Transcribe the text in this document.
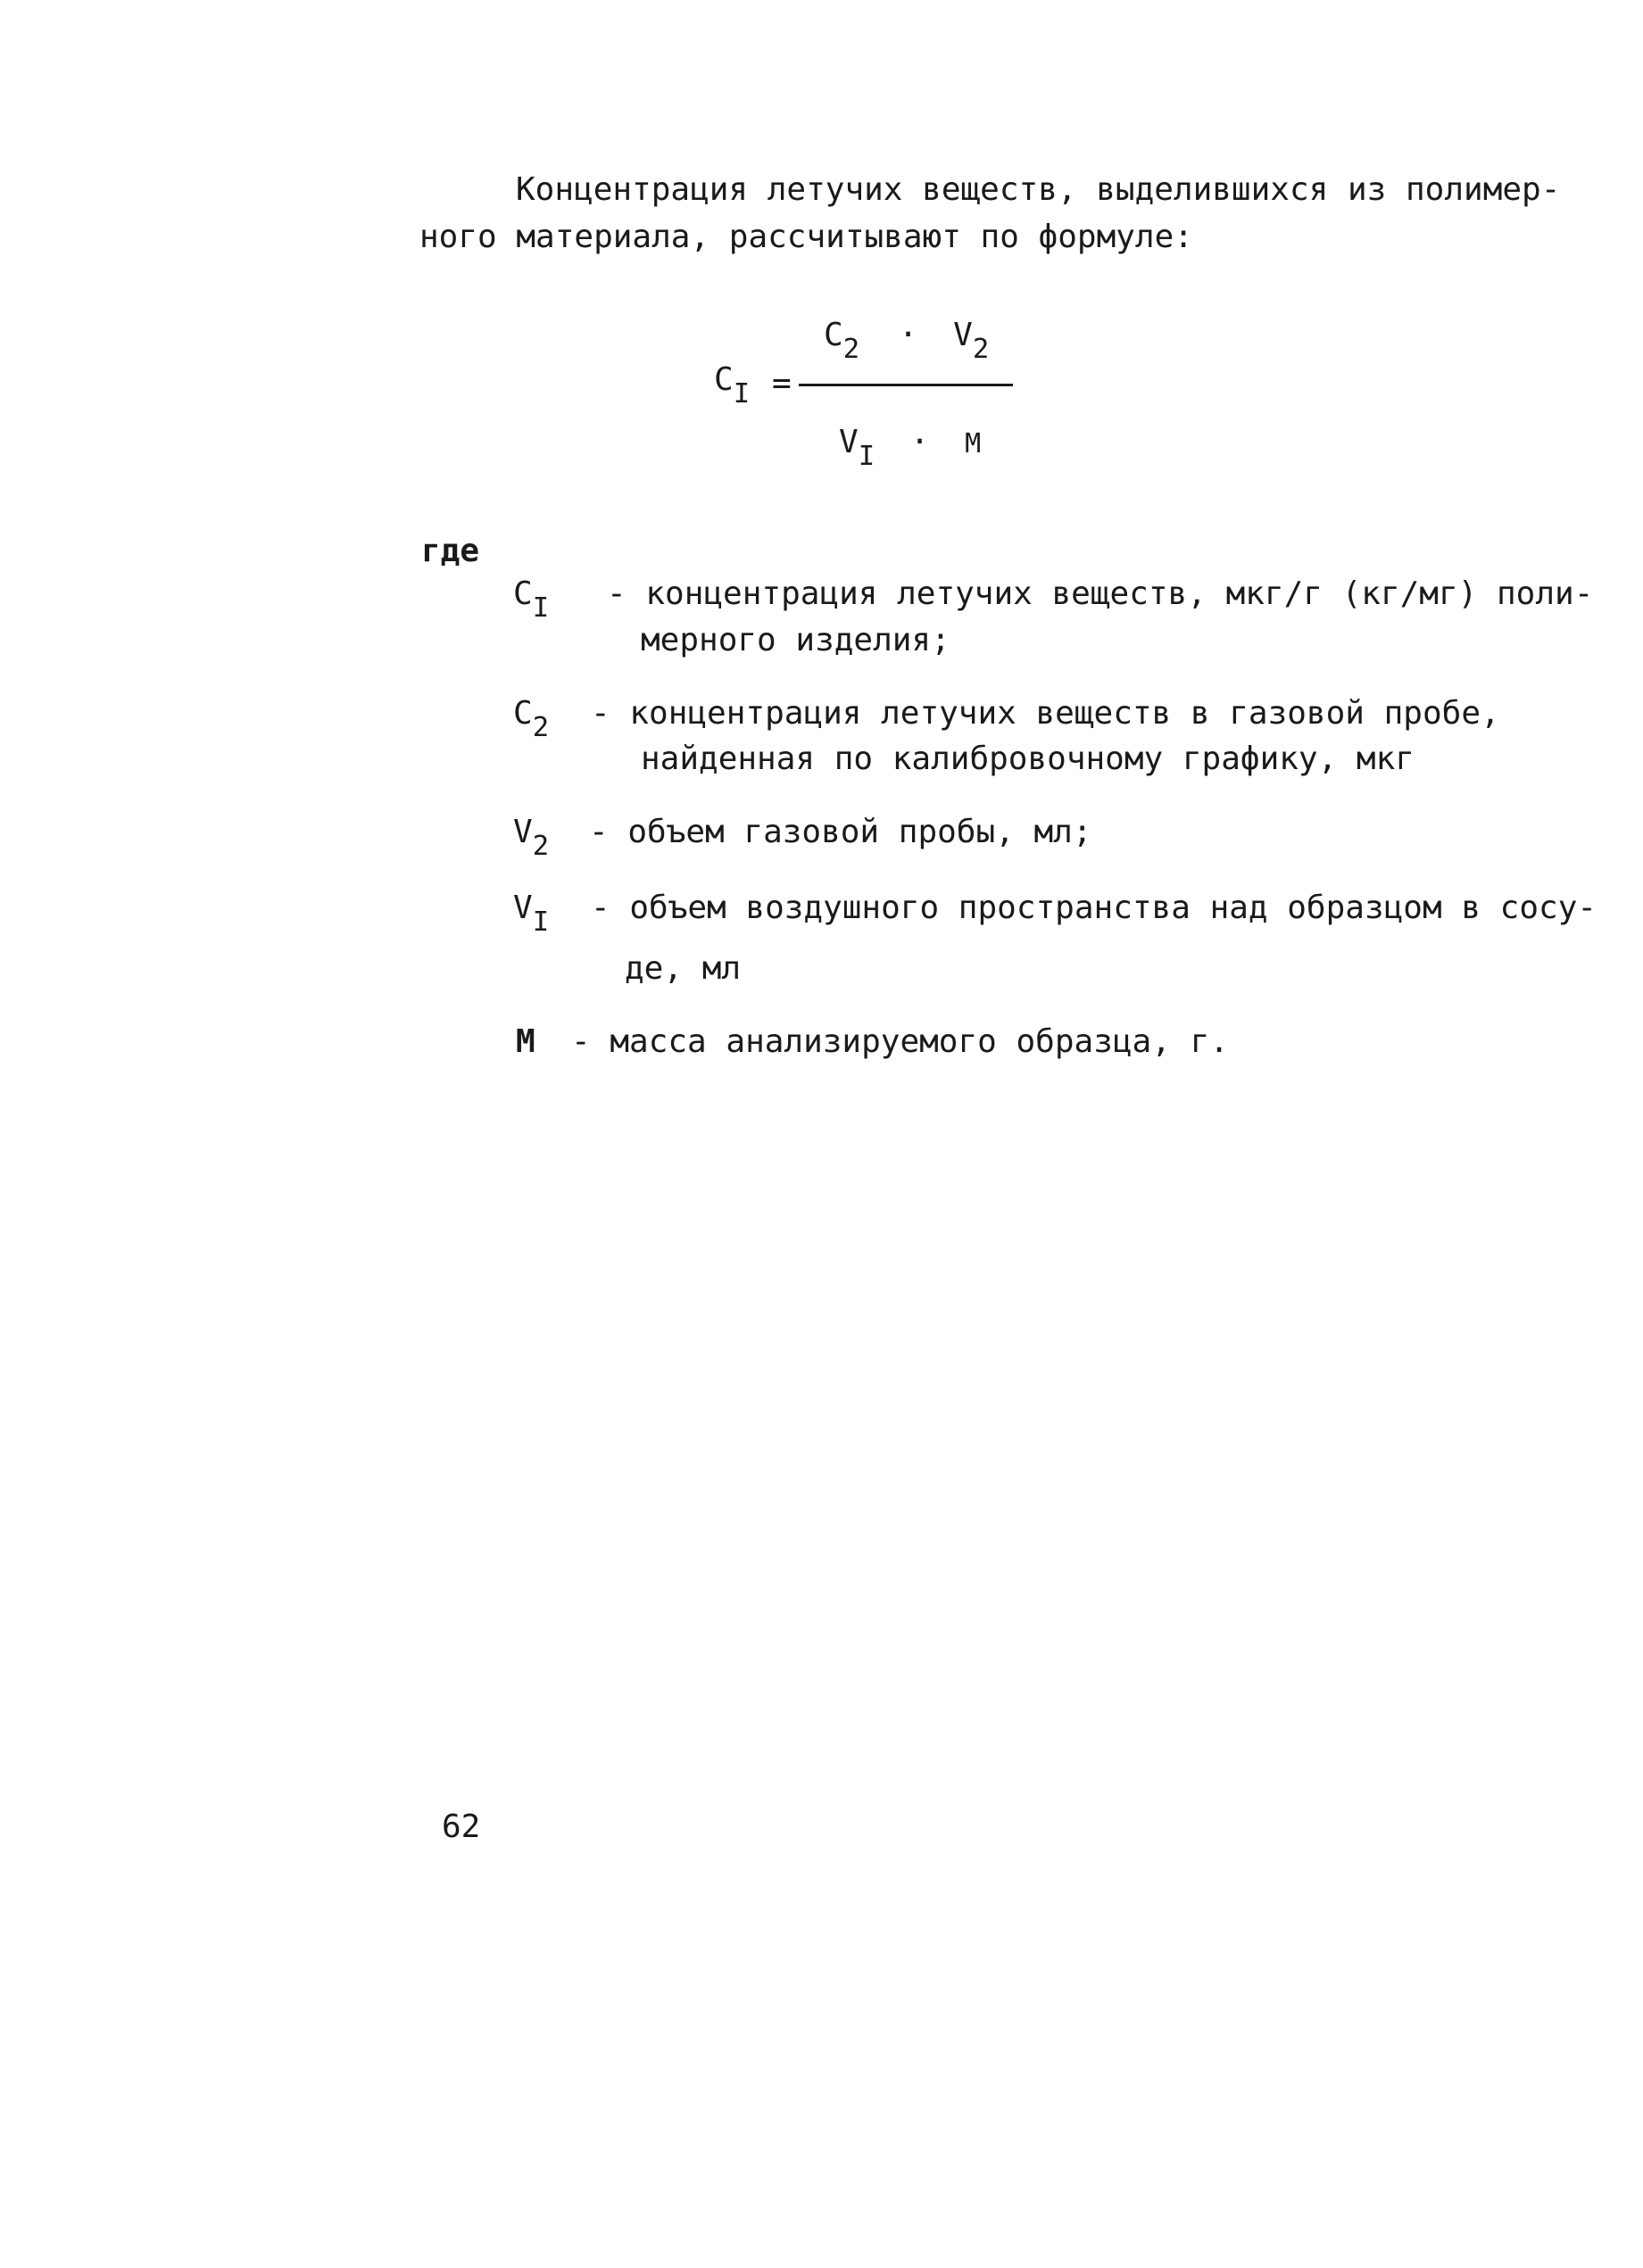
Концентрация летучих веществ, выделившихся из полимер-
ного материала, рассчитывают по формуле:
$C_I$ =
$C_2 \cdot V_2$
$V_I \cdot M$
где
$C_I$ - концентрация летучих веществ, мкг/г (кг/мг) поли-
мерного изделия;
$C_2$ - концентрация летучих веществ в газовой пробе,
найденная по калибровочному графику, мкг
$V_2$ - объем газовой пробы, мл;
$V_I$ - объем воздушного пространства над образцом в сосу-
де, мл
M - масса анализируемого образца, г.
62
